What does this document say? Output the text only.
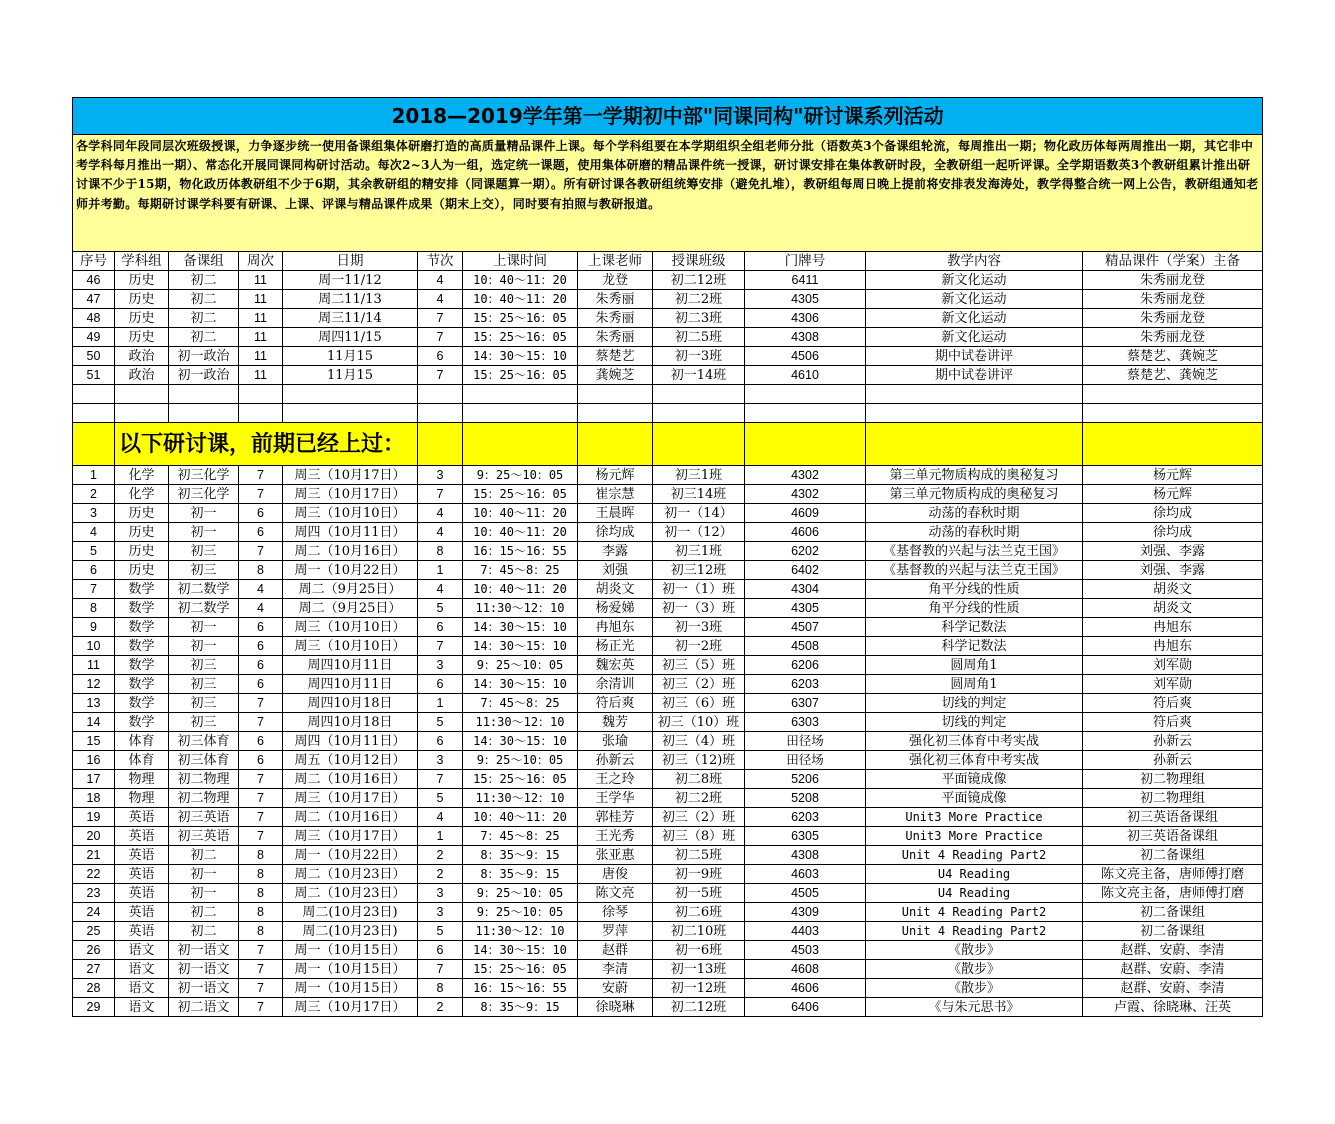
2018—2019学年第一学期初中部"同课同构"研讨课系列活动											
各学科同年段同层次班级授课，力争逐步统一使用备课组集体研磨打造的高质量精品课件上课。每个学科组要在本学期组织全组老师分批（语数英3个备课组轮流，每周推出一期；物化政历体每两周推出一期，其它非中考学科每月推出一期）、常态化开展同课同构研讨活动。每次2~3人为一组，选定统一课题，使用集体研磨的精品课件统一授课，研讨课安排在集体教研时段，全教研组一起听评课。全学期语数英3个教研组累计推出研讨课不少于15期，物化政历体教研组不少于6期，其余教研组的精安排（同课题算一期）。所有研讨课各教研组统筹安排（避免扎堆），教研组每周日晚上提前将安排表发海涛处，教学得整合统一网上公告，教研组通知老师并考勤。每期研讨课学科要有研课、上课、评课与精品课件成果（期末上交），同时要有拍照与教研报道。											
序号	学科组	备课组	周次	日期	节次	上课时间	上课老师	授课班级	门牌号	教学内容	精品课件（学案）主备
46	历史	初二	11	周一11/12	4	10：40～11：20	龙登	初二12班	6411	新文化运动	朱秀丽龙登
47	历史	初二	11	周二11/13	4	10：40～11：20	朱秀丽	初二2班	4305	新文化运动	朱秀丽龙登
48	历史	初二	11	周三11/14	7	15：25～16：05	朱秀丽	初二3班	4306	新文化运动	朱秀丽龙登
49	历史	初二	11	周四11/15	7	15：25～16：05	朱秀丽	初二5班	4308	新文化运动	朱秀丽龙登
50	政治	初一政治	11	11月15	6	14：30～15：10	蔡楚艺	初一3班	4506	期中试卷讲评	蔡楚艺、龚婉芝
51	政治	初一政治	11	11月15	7	15：25～16：05	龚婉芝	初一14班	4610	期中试卷讲评	蔡楚艺、龚婉芝

	以下研讨课，前期已经上过：										
1	化学	初三化学	7	周三（10月17日）	3	9：25～10：05	杨元辉	初三1班	4302	第三单元物质构成的奥秘复习	杨元辉
2	化学	初三化学	7	周三（10月17日）	7	15：25～16：05	崔宗慧	初三14班	4302	第三单元物质构成的奥秘复习	杨元辉
3	历史	初一	6	周三（10月10日）	4	10：40～11：20	王晨晖	初一（14）	4609	动荡的春秋时期	徐均成
4	历史	初一	6	周四（10月11日）	4	10：40～11：20	徐均成	初一（12）	4606	动荡的春秋时期	徐均成
5	历史	初三	7	周二（10月16日）	8	16：15～16：55	李露	初三1班	6202	《基督教的兴起与法兰克王国》	刘强、李露
6	历史	初三	8	周一（10月22日）	1	7：45～8：25	刘强	初三12班	6402	《基督教的兴起与法兰克王国》	刘强、李露
7	数学	初二数学	4	周二（9月25日）	4	10：40～11：20	胡炎文	初一（1）班	4304	角平分线的性质	胡炎文
8	数学	初二数学	4	周二（9月25日）	5	11:30～12：10	杨爱娣	初一（3）班	4305	角平分线的性质	胡炎文
9	数学	初一	6	周三（10月10日）	6	14：30～15：10	冉旭东	初一3班	4507	科学记数法	冉旭东
10	数学	初一	6	周三（10月10日）	7	14：30～15：10	杨正光	初一2班	4508	科学记数法	冉旭东
11	数学	初三	6	周四10月11日	3	9：25～10：05	魏宏英	初三（5）班	6206	圆周角1	刘军勋
12	数学	初三	6	周四10月11日	6	14：30～15：10	余清训	初三（2）班	6203	圆周角1	刘军勋
13	数学	初三	7	周四10月18日	1	7：45～8：25	符后爽	初三（6）班	6307	切线的判定	符后爽
14	数学	初三	7	周四10月18日	5	11:30～12：10	魏芳	初三（10）班	6303	切线的判定	符后爽
15	体育	初三体育	6	周四（10月11日）	6	14：30～15：10	张瑜	初三（4）班	田径场	强化初三体育中考实战	孙新云
16	体育	初三体育	6	周五（10月12日）	3	9：25～10：05	孙新云	初三（12)班	田径场	强化初三体育中考实战	孙新云
17	物理	初二物理	7	周二（10月16日）	7	15：25～16：05	王之玲	初二8班	5206	平面镜成像	初二物理组
18	物理	初二物理	7	周三（10月17日）	5	11:30～12：10	王学华	初二2班	5208	平面镜成像	初二物理组
19	英语	初三英语	7	周二（10月16日）	4	10：40～11：20	郭桂芳	初三（2）班	6203	Unit3 More Practice	初三英语备课组
20	英语	初三英语	7	周三（10月17日）	1	7：45～8：25	王光秀	初三（8）班	6305	Unit3 More Practice	初三英语备课组
21	英语	初二	8	周一（10月22日）	2	8：35～9：15	张亚惠	初二5班	4308	Unit 4 Reading Part2	初二备课组
22	英语	初一	8	周二（10月23日）	2	8：35～9：15	唐俊	初一9班	4603	U4 Reading	陈文亮主备，唐师傅打磨
23	英语	初一	8	周二（10月23日）	3	9：25～10：05	陈文亮	初一5班	4505	U4 Reading	陈文亮主备，唐师傅打磨
24	英语	初二	8	周二(10月23日)	3	9：25～10：05	徐琴	初二6班	4309	Unit 4 Reading Part2	初二备课组
25	英语	初二	8	周二(10月23日)	5	11:30～12：10	罗萍	初二10班	4403	Unit 4 Reading Part2	初二备课组
26	语文	初一语文	7	周一（10月15日）	6	14：30～15：10	赵群	初一6班	4503	《散步》	赵群、安蔚、李清
27	语文	初一语文	7	周一（10月15日）	7	15：25～16：05	李清	初一13班	4608	《散步》	赵群、安蔚、李清
28	语文	初一语文	7	周一（10月15日）	8	16：15～16：55	安蔚	初一12班	4606	《散步》	赵群、安蔚、李清
29	语文	初二语文	7	周三（10月17日）	2	8：35～9：15	徐晓琳	初二12班	6406	《与朱元思书》	卢霞、徐晓琳、汪英
